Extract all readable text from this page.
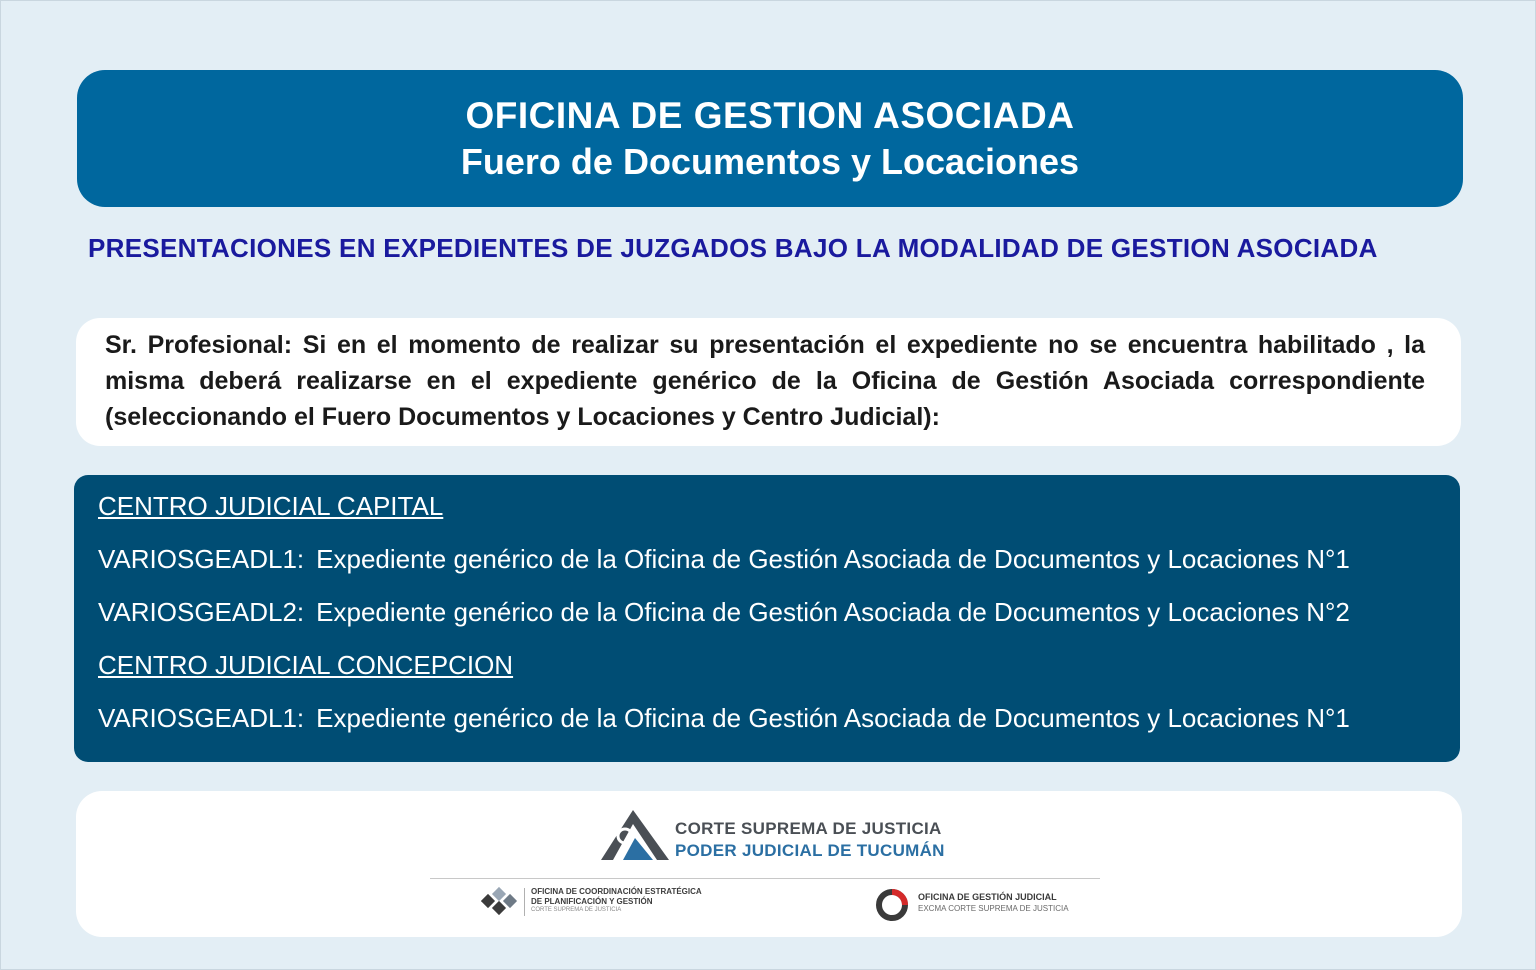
OFICINA DE GESTION ASOCIADA
Fuero de Documentos y Locaciones
PRESENTACIONES EN EXPEDIENTES DE JUZGADOS BAJO LA MODALIDAD DE GESTION ASOCIADA
Sr. Profesional: Si en el momento de realizar su presentación el expediente no se encuentra habilitado , la misma deberá realizarse en el expediente genérico de la Oficina de Gestión Asociada correspondiente (seleccionando el Fuero Documentos y Locaciones y Centro Judicial):
CENTRO JUDICIAL CAPITAL
VARIOSGEADL1: Expediente genérico de la Oficina de Gestión Asociada de Documentos y Locaciones N°1
VARIOSGEADL2: Expediente genérico de la Oficina de Gestión Asociada de Documentos y Locaciones N°2
CENTRO JUDICIAL CONCEPCION
VARIOSGEADL1: Expediente genérico de la Oficina de Gestión Asociada de Documentos y Locaciones N°1
CORTE SUPREMA DE JUSTICIA
PODER JUDICIAL DE TUCUMÁN
OFICINA DE COORDINACIÓN ESTRATÉGICA
DE PLANIFICACIÓN Y GESTIÓN
CORTE SUPREMA DE JUSTICIA
OFICINA DE GESTIÓN JUDICIAL
EXCMA CORTE SUPREMA DE JUSTICIA
